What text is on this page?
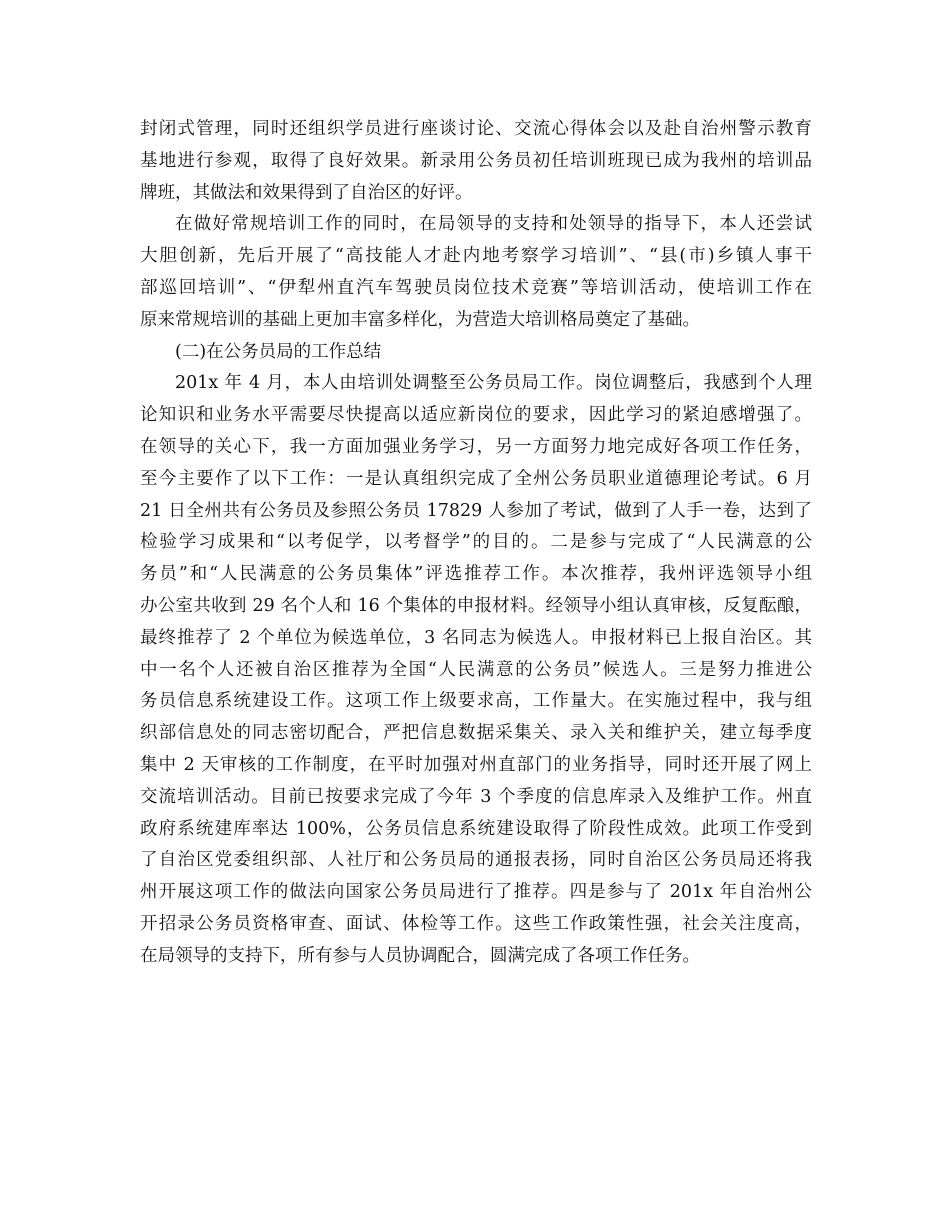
封闭式管理，同时还组织学员进行座谈讨论、交流心得体会以及赴自治州警示教育
基地进行参观，取得了良好效果。新录用公务员初任培训班现已成为我州的培训品
牌班，其做法和效果得到了自治区的好评。
在做好常规培训工作的同时，在局领导的支持和处领导的指导下，本人还尝试
大胆创新，先后开展了“高技能人才赴内地考察学习培训”、“县(市)乡镇人事干
部巡回培训”、“伊犁州直汽车驾驶员岗位技术竞赛”等培训活动，使培训工作在
原来常规培训的基础上更加丰富多样化，为营造大培训格局奠定了基础。
(二)在公务员局的工作总结
201x 年 4 月，本人由培训处调整至公务员局工作。岗位调整后，我感到个人理
论知识和业务水平需要尽快提高以适应新岗位的要求，因此学习的紧迫感增强了。
在领导的关心下，我一方面加强业务学习，另一方面努力地完成好各项工作任务，
至今主要作了以下工作：一是认真组织完成了全州公务员职业道德理论考试。6 月
21 日全州共有公务员及参照公务员 17829 人参加了考试，做到了人手一卷，达到了
检验学习成果和“以考促学，以考督学”的目的。二是参与完成了“人民满意的公
务员”和“人民满意的公务员集体”评选推荐工作。本次推荐，我州评选领导小组
办公室共收到 29 名个人和 16 个集体的申报材料。经领导小组认真审核，反复酝酿，
最终推荐了 2 个单位为候选单位，3 名同志为候选人。申报材料已上报自治区。其
中一名个人还被自治区推荐为全国“人民满意的公务员”候选人。三是努力推进公
务员信息系统建设工作。这项工作上级要求高，工作量大。在实施过程中，我与组
织部信息处的同志密切配合，严把信息数据采集关、录入关和维护关，建立每季度
集中 2 天审核的工作制度，在平时加强对州直部门的业务指导，同时还开展了网上
交流培训活动。目前已按要求完成了今年 3 个季度的信息库录入及维护工作。州直
政府系统建库率达 100%，公务员信息系统建设取得了阶段性成效。此项工作受到
了自治区党委组织部、人社厅和公务员局的通报表扬，同时自治区公务员局还将我
州开展这项工作的做法向国家公务员局进行了推荐。四是参与了 201x 年自治州公
开招录公务员资格审查、面试、体检等工作。这些工作政策性强，社会关注度高，
在局领导的支持下，所有参与人员协调配合，圆满完成了各项工作任务。
